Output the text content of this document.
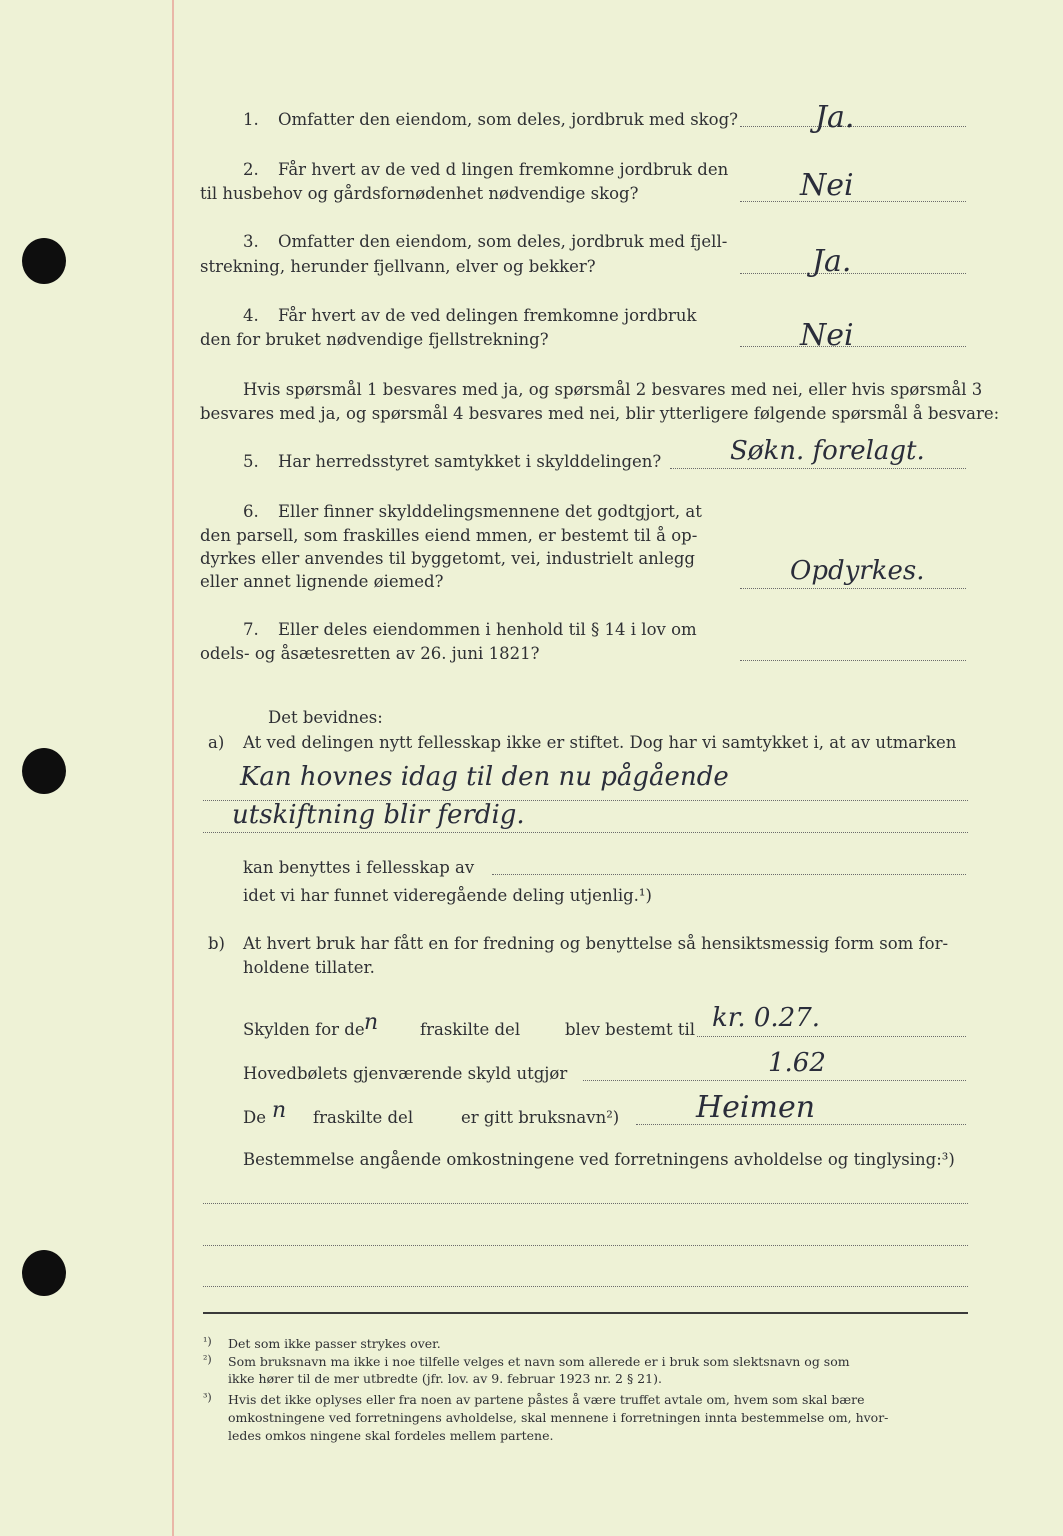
1. Omfatter den eiendom, som deles, jordbruk med skog?	Ja.
2. Får hvert av de ved d lingen fremkomne jordbruk den
til husbehov og gårdsfornødenhet nødvendige skog?	Nei
3. Omfatter den eiendom, som deles, jordbruk med fjell-
strekning, herunder fjellvann, elver og bekker?	Ja.
4. Får hvert av de ved delingen fremkomne jordbruk
den for bruket nødvendige fjellstrekning?	Nei
Hvis spørsmål 1 besvares med ja, og spørsmål 2 besvares med nei, eller hvis spørsmål 3
besvares med ja, og spørsmål 4 besvares med nei, blir ytterligere følgende spørsmål å besvare:
5. Har herredsstyret samtykket i skylddelingen?	Søkn. forelagt.
6. Eller finner skylddelingsmennene det godtgjort, at
den parsell, som fraskilles eiend mmen, er bestemt til å op-
dyrkes eller anvendes til byggetomt, vei, industrielt anlegg
eller annet lignende øiemed?	Opdyrkes.
7. Eller deles eiendommen i henhold til § 14 i lov om
odels- og åsætesretten av 26. juni 1821?
Det bevidnes:
a) At ved delingen nytt fellesskap ikke er stiftet. Dog har vi samtykket i, at av utmarken
Kan hovnes idag til den nu pågående
utskiftning blir ferdig.
kan benyttes i fellesskap av
idet vi har funnet videregående deling utjenlig.¹)
b) At hvert bruk har fått en for fredning og benyttelse så hensiktsmessig form som for-
holdene tillater.
Skylden for de n	fraskilte del	blev bestemt til kr. 0.27.
Hovedbølets gjenværende skyld utgjør	1.62
De n fraskilte del	er gitt bruksnavn²)	Heimen
Bestemmelse angående omkostningene ved forretningens avholdelse og tinglysing:³)
¹) Det som ikke passer strykes over.
²) Som bruksnavn ma ikke i noe tilfelle velges et navn som allerede er i bruk som slektsnavn og som
ikke hører til de mer utbredte (jfr. lov. av 9. februar 1923 nr. 2 § 21).
³) Hvis det ikke oplyses eller fra noen av partene påstes å være truffet avtale om, hvem som skal bære
omkostningene ved forretningens avholdelse, skal mennene i forretningen innta bestemmelse om, hvor-
ledes omkos ningene skal fordeles mellem partene.
